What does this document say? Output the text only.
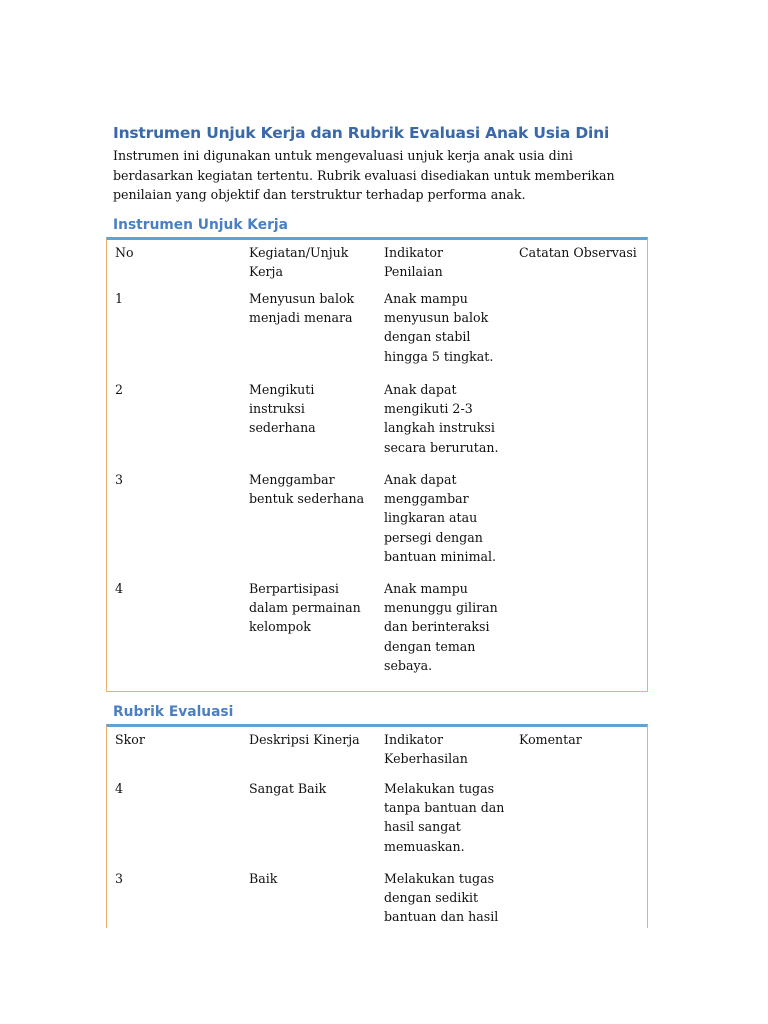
Instrumen Unjuk Kerja dan Rubrik Evaluasi Anak Usia Dini

Instrumen ini digunakan untuk mengevaluasi unjuk kerja anak usia dini berdasarkan kegiatan tertentu. Rubrik evaluasi disediakan untuk memberikan penilaian yang objektif dan terstruktur terhadap performa anak.

Instrumen Unjuk Kerja
No	Kegiatan/Unjuk Kerja	Indikator Penilaian	Catatan Observasi
1	Menyusun balok menjadi menara	Anak mampu menyusun balok dengan stabil hingga 5 tingkat.	
2	Mengikuti instruksi sederhana	Anak dapat mengikuti 2-3 langkah instruksi secara berurutan.	
3	Menggambar bentuk sederhana	Anak dapat menggambar lingkaran atau persegi dengan bantuan minimal.	
4	Berpartisipasi dalam permainan kelompok	Anak mampu menunggu giliran dan berinteraksi dengan teman sebaya.	
Rubrik Evaluasi
Skor	Deskripsi Kinerja	Indikator Keberhasilan	Komentar
4	Sangat Baik	Melakukan tugas tanpa bantuan dan hasil sangat memuaskan.	
3	Baik	Melakukan tugas dengan sedikit bantuan dan hasil	
